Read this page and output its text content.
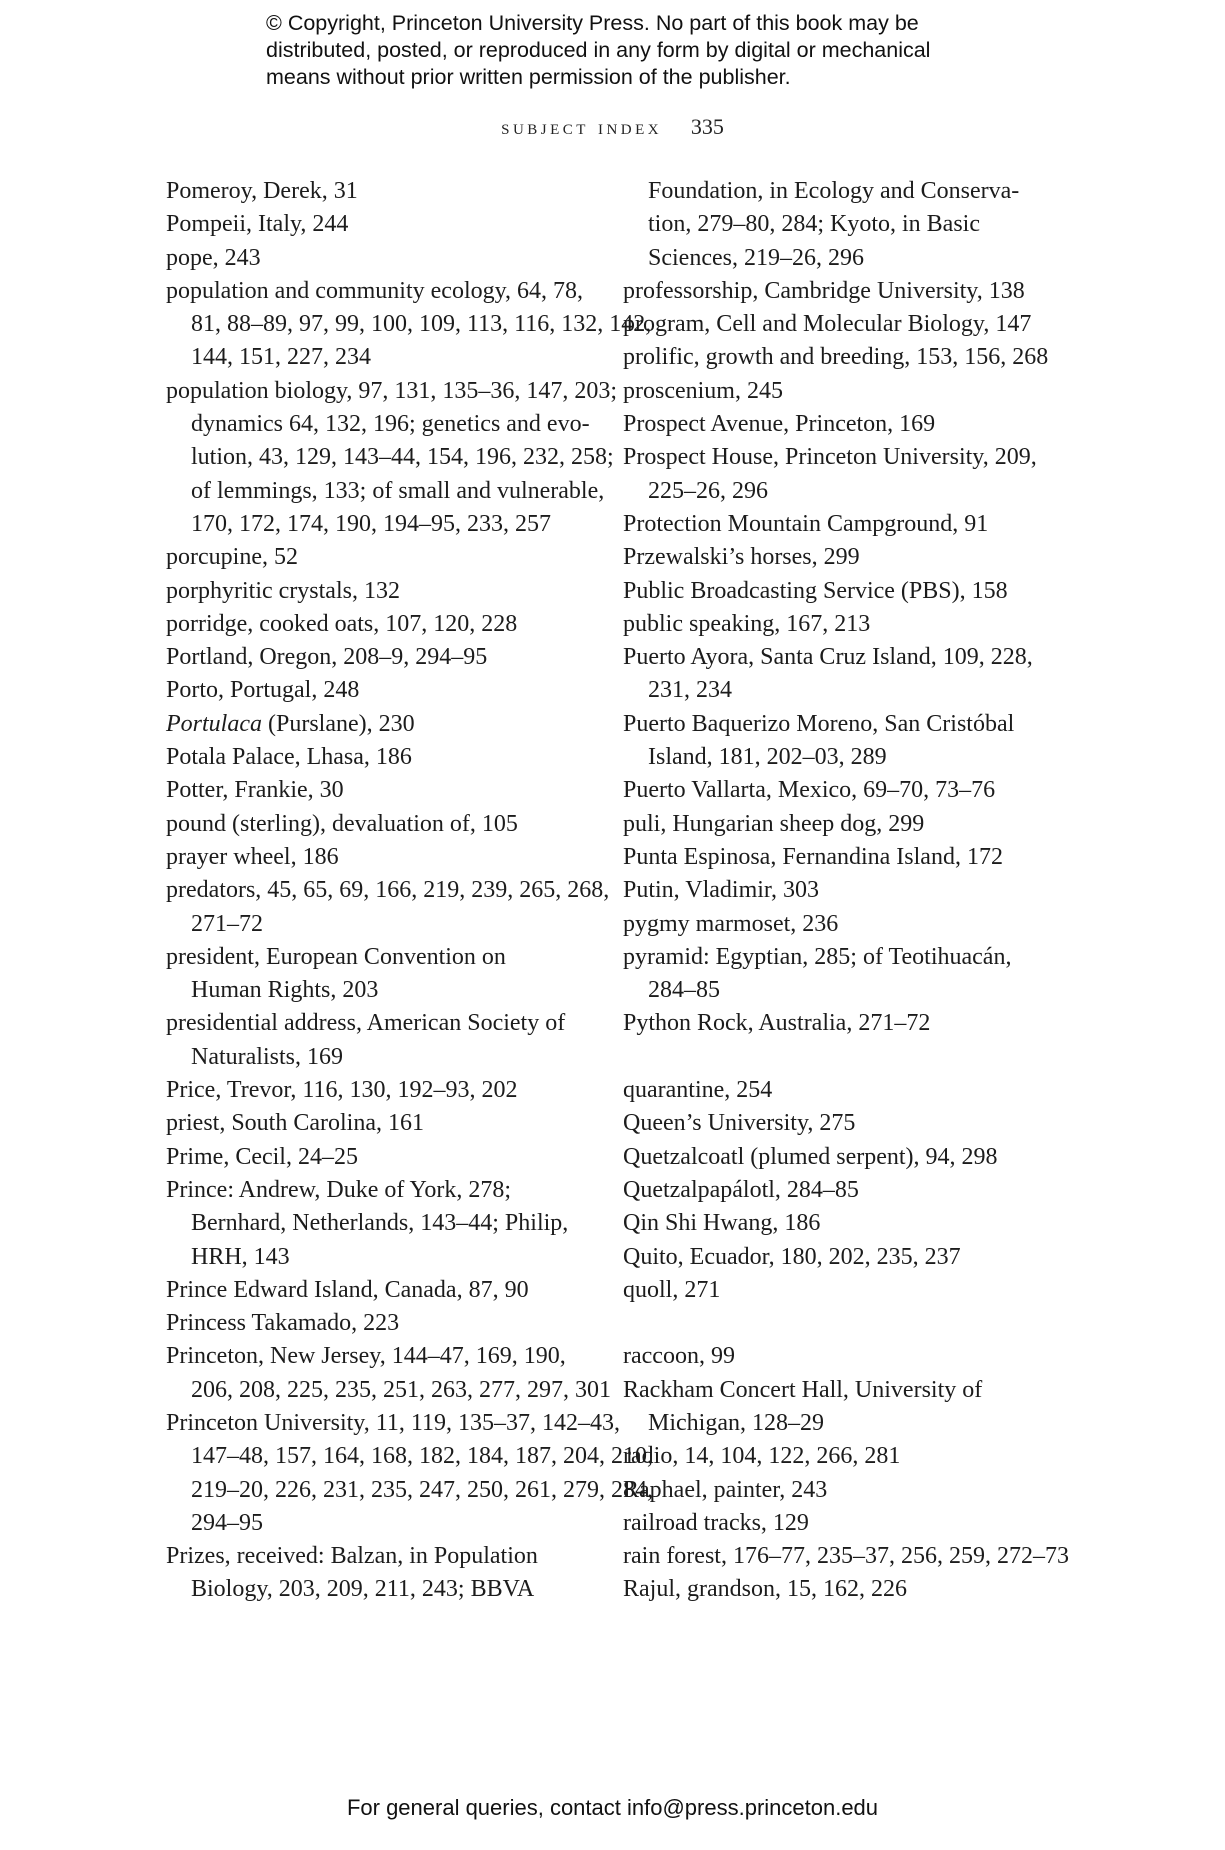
© Copyright, Princeton University Press. No part of this book may be
distributed, posted, or reproduced in any form by digital or mechanical
means without prior written permission of the publisher.
subject index 335
Pomeroy, Derek, 31
Pompeii, Italy, 244
pope, 243
population and community ecology, 64, 78,
81, 88–89, 97, 99, 100, 109, 113, 116, 132, 142,
144, 151, 227, 234
population biology, 97, 131, 135–36, 147, 203;
dynamics 64, 132, 196; genetics and evo-
lution, 43, 129, 143–44, 154, 196, 232, 258;
of lemmings, 133; of small and vulnerable,
170, 172, 174, 190, 194–95, 233, 257
porcupine, 52
porphyritic crystals, 132
porridge, cooked oats, 107, 120, 228
Portland, Oregon, 208–9, 294–95
Porto, Portugal, 248
Portulaca (Purslane), 230
Potala Palace, Lhasa, 186
Potter, Frankie, 30
pound (sterling), devaluation of, 105
prayer wheel, 186
predators, 45, 65, 69, 166, 219, 239, 265, 268,
271–72
president, European Convention on
Human Rights, 203
presidential address, American Society of
Naturalists, 169
Price, Trevor, 116, 130, 192–93, 202
priest, South Carolina, 161
Prime, Cecil, 24–25
Prince: Andrew, Duke of York, 278;
Bernhard, Netherlands, 143–44; Philip,
HRH, 143
Prince Edward Island, Canada, 87, 90
Princess Takamado, 223
Princeton, New Jersey, 144–47, 169, 190,
206, 208, 225, 235, 251, 263, 277, 297, 301
Princeton University, 11, 119, 135–37, 142–43,
147–48, 157, 164, 168, 182, 184, 187, 204, 210,
219–20, 226, 231, 235, 247, 250, 261, 279, 284,
294–95
Prizes, received: Balzan, in Population
Biology, 203, 209, 211, 243; BBVA
Foundation, in Ecology and Conserva-
tion, 279–80, 284; Kyoto, in Basic
Sciences, 219–26, 296
professorship, Cambridge University, 138
program, Cell and Molecular Biology, 147
prolific, growth and breeding, 153, 156, 268
proscenium, 245
Prospect Avenue, Princeton, 169
Prospect House, Princeton University, 209,
225–26, 296
Protection Mountain Campground, 91
Przewalski’s horses, 299
Public Broadcasting Service (PBS), 158
public speaking, 167, 213
Puerto Ayora, Santa Cruz Island, 109, 228,
231, 234
Puerto Baquerizo Moreno, San Cristóbal
Island, 181, 202–03, 289
Puerto Vallarta, Mexico, 69–70, 73–76
puli, Hungarian sheep dog, 299
Punta Espinosa, Fernandina Island, 172
Putin, Vladimir, 303
pygmy marmoset, 236
pyramid: Egyptian, 285; of Teotihuacán,
284–85
Python Rock, Australia, 271–72
quarantine, 254
Queen’s University, 275
Quetzalcoatl (plumed serpent), 94, 298
Quetzalpapálotl, 284–85
Qin Shi Hwang, 186
Quito, Ecuador, 180, 202, 235, 237
quoll, 271
raccoon, 99
Rackham Concert Hall, University of
Michigan, 128–29
radio, 14, 104, 122, 266, 281
Raphael, painter, 243
railroad tracks, 129
rain forest, 176–77, 235–37, 256, 259, 272–73
Rajul, grandson, 15, 162, 226
For general queries, contact info@press.princeton.edu
